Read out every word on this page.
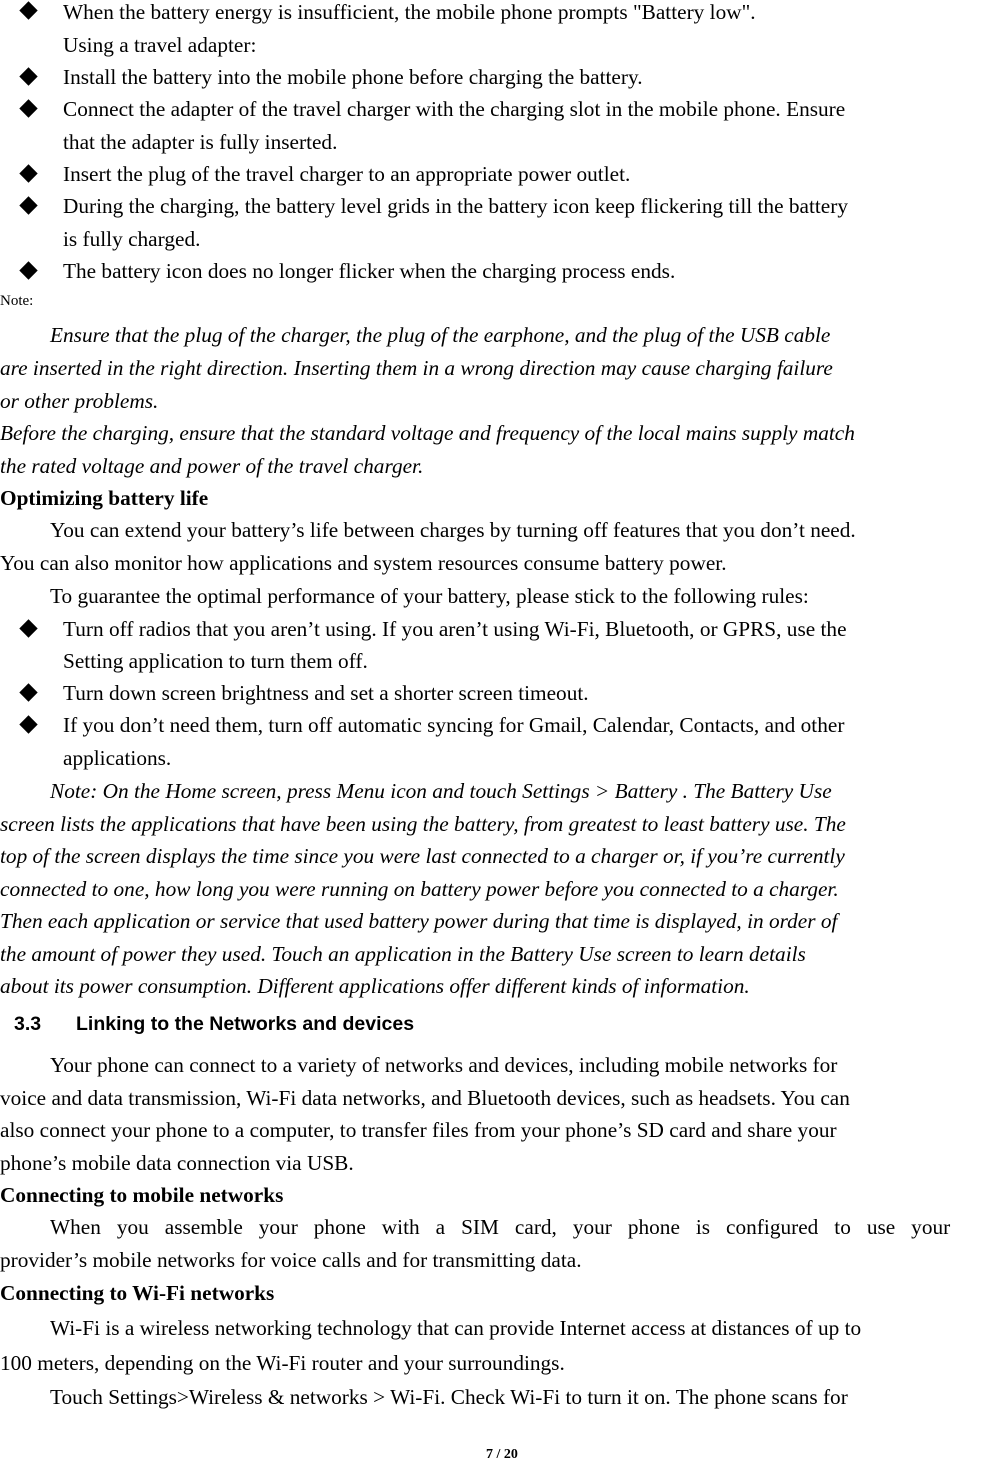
When the battery energy is insufficient, the mobile phone prompts "Battery low".
Using a travel adapter:
Install the battery into the mobile phone before charging the battery.
Connect the adapter of the travel charger with the charging slot in the mobile phone. Ensure
that the adapter is fully inserted.
Insert the plug of the travel charger to an appropriate power outlet.
During the charging, the battery level grids in the battery icon keep flickering till the battery
is fully charged.
The battery icon does no longer flicker when the charging process ends.
Note:
Ensure that the plug of the charger, the plug of the earphone, and the plug of the USB cable
are inserted in the right direction. Inserting them in a wrong direction may cause charging failure
or other problems.
Before the charging, ensure that the standard voltage and frequency of the local mains supply match
the rated voltage and power of the travel charger.
Optimizing battery life
You can extend your battery’s life between charges by turning off features that you don’t need.
You can also monitor how applications and system resources consume battery power.
To guarantee the optimal performance of your battery, please stick to the following rules:
Turn off radios that you aren’t using. If you aren’t using Wi-Fi, Bluetooth, or GPRS, use the
Setting application to turn them off.
Turn down screen brightness and set a shorter screen timeout.
If you don’t need them, turn off automatic syncing for Gmail, Calendar, Contacts, and other
applications.
Note: On the Home screen, press Menu icon and touch Settings > Battery . The Battery Use
screen lists the applications that have been using the battery, from greatest to least battery use. The
top of the screen displays the time since you were last connected to a charger or, if you’re currently
connected to one, how long you were running on battery power before you connected to a charger.
Then each application or service that used battery power during that time is displayed, in order of
the amount of power they used. Touch an application in the Battery Use screen to learn details
about its power consumption. Different applications offer different kinds of information.
3.3 Linking to the Networks and devices
Your phone can connect to a variety of networks and devices, including mobile networks for
voice and data transmission, Wi-Fi data networks, and Bluetooth devices, such as headsets. You can
also connect your phone to a computer, to transfer files from your phone’s SD card and share your
phone’s mobile data connection via USB.
Connecting to mobile networks
When   you   assemble   your   phone   with   a   SIM   card,   your   phone   is   configured   to   use   your
provider’s mobile networks for voice calls and for transmitting data.
Connecting to Wi-Fi networks
Wi-Fi is a wireless networking technology that can provide Internet access at distances of up to
100 meters, depending on the Wi-Fi router and your surroundings.
Touch Settings>Wireless & networks > Wi-Fi. Check Wi-Fi to turn it on. The phone scans for
7 / 20
